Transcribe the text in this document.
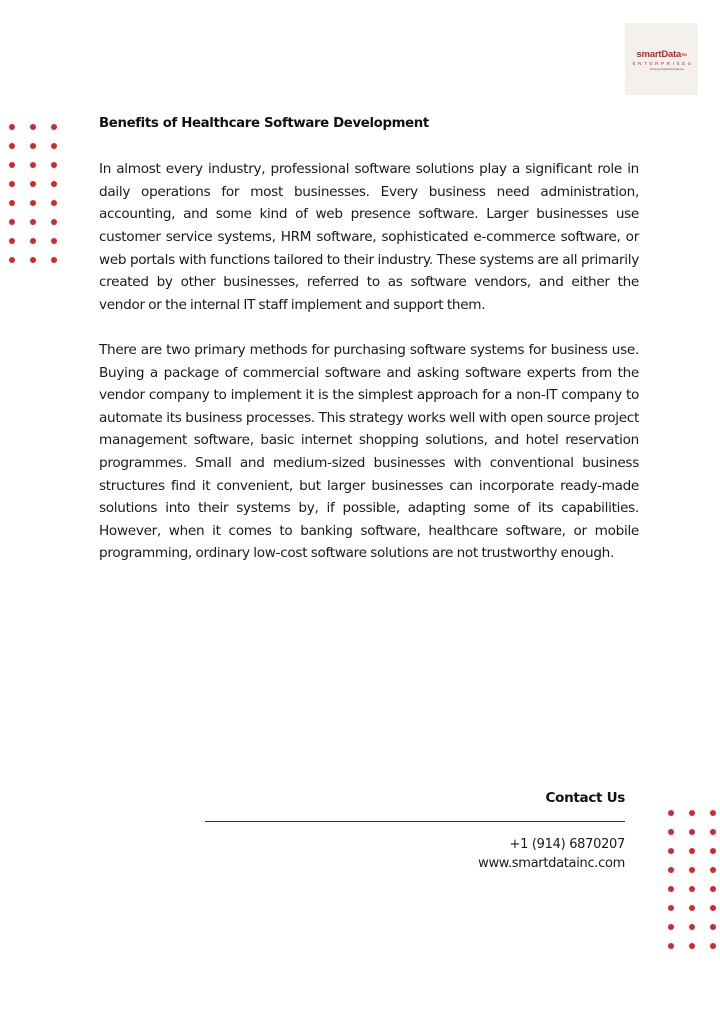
smartData™
ENTERPRISES
Driving Digital Excellence
Benefits of Healthcare Software Development

In almost every industry, professional software solutions play a significant role in daily operations for most businesses. Every business need administration, accounting, and some kind of web presence software. Larger businesses use customer service systems, HRM software, sophisticated e-commerce software, or web portals with functions tailored to their industry. These systems are all primarily created by other businesses, referred to as software vendors, and either the vendor or the internal IT staff implement and support them.

There are two primary methods for purchasing software systems for business use. Buying a package of commercial software and asking software experts from the vendor company to implement it is the simplest approach for a non-IT company to automate its business processes. This strategy works well with open source project management software, basic internet shopping solutions, and hotel reservation programmes. Small and medium-sized businesses with conventional business structures find it convenient, but larger businesses can incorporate ready-made solutions into their systems by, if possible, adapting some of its capabilities. However, when it comes to banking software, healthcare software, or mobile programming, ordinary low-cost software solutions are not trustworthy enough.

Contact Us
+1 (914) 6870207
www.smartdatainc.com
